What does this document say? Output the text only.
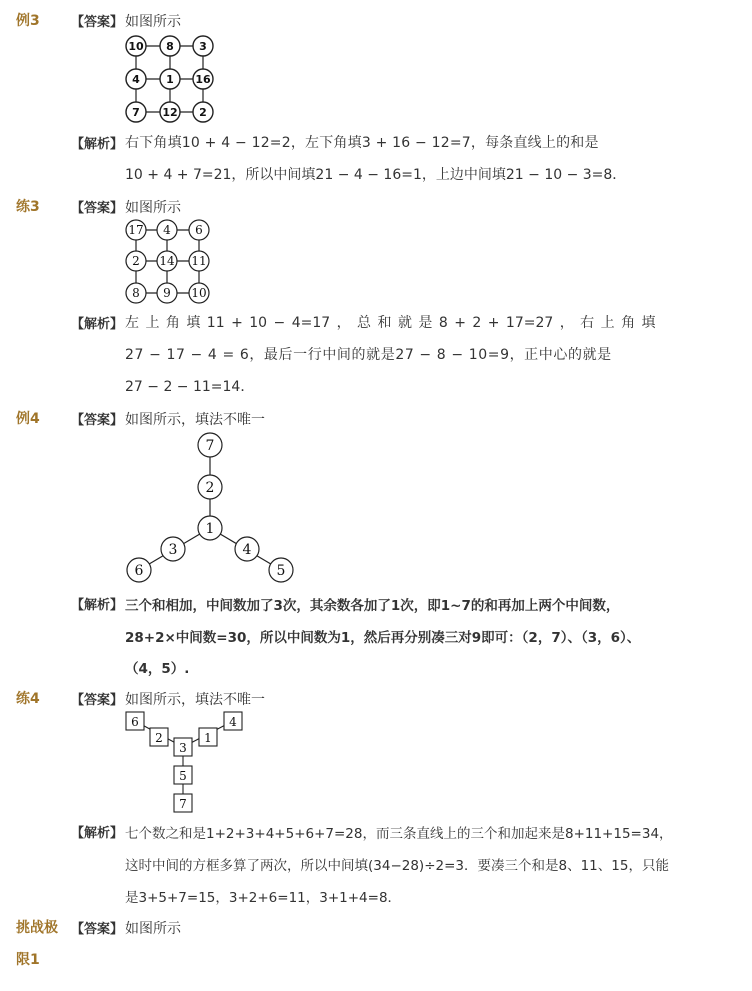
例3 【答案】 如图所示
10 8 3
4 1 16
7 12 2
【解析】 右下角填10 + 4 − 12=2，左下角填3 + 16 − 12=7，每条直线上的和是
10 + 4 + 7=21，所以中间填21 − 4 − 16=1，上边中间填21 − 10 − 3=8．
练3 【答案】 如图所示
17 4 6
2 14 11
8 9 10
【解析】 左 上 角 填 11 + 10 − 4=17 ， 总 和 就 是 8 + 2 + 17=27 ， 右 上 角 填
27 − 17 − 4 = 6，最后一行中间的就是27 − 8 − 10=9，正中心的就是
27 − 2 − 11=14．
例4 【答案】 如图所示，填法不唯一
7
2
1
3
6
4
5
【解析】 三个和相加，中间数加了3次，其余数各加了1次，即1~7的和再加上两个中间数，
28+2×中间数=30，所以中间数为1，然后再分别凑三对9即可：（2，7）、（3，6）、
（4，5）.
练4 【答案】 如图所示，填法不唯一
6
2
3
1
4
5
7
【解析】 七个数之和是1+2+3+4+5+6+7=28，而三条直线上的三个和加起来是8+11+15=34，
这时中间的方框多算了两次，所以中间填(34−28)÷2=3．要凑三个和是8、11、15，只能
是3+5+7=15，3+2+6=11，3+1+4=8．
挑战极
限1
【答案】 如图所示
